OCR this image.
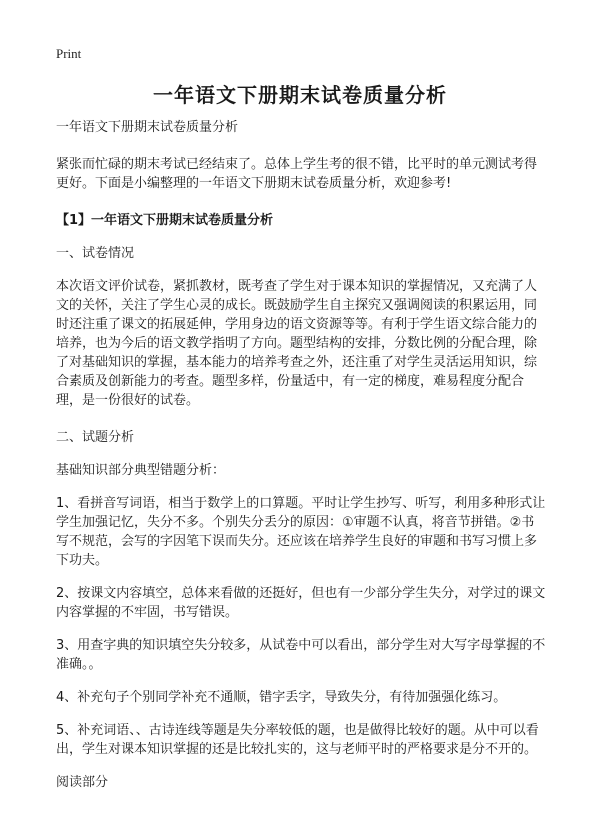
Print
一年语文下册期末试卷质量分析

一年语文下册期末试卷质量分析

紧张而忙碌的期末考试已经结束了。总体上学生考的很不错，比平时的单元测试考得更好。下面是小编整理的一年语文下册期末试卷质量分析，欢迎参考!

【1】一年语文下册期末试卷质量分析

一、试卷情况

本次语文评价试卷，紧抓教材，既考查了学生对于课本知识的掌握情况，又充满了人文的关怀，关注了学生心灵的成长。既鼓励学生自主探究又强调阅读的积累运用，同时还注重了课文的拓展延伸，学用身边的语文资源等等。有利于学生语文综合能力的培养，也为今后的语文教学指明了方向。题型结构的安排，分数比例的分配合理，除了对基础知识的掌握，基本能力的培养考查之外，还注重了对学生灵活运用知识，综合素质及创新能力的考查。题型多样，份量适中，有一定的梯度，难易程度分配合理，是一份很好的试卷。

二、试题分析

基础知识部分典型错题分析：

1、看拼音写词语，相当于数学上的口算题。平时让学生抄写、听写，利用多种形式让学生加强记忆，失分不多。个别失分丢分的原因：①审题不认真，将音节拼错。②书写不规范，会写的字因笔下误而失分。还应该在培养学生良好的审题和书写习惯上多下功夫。

2、按课文内容填空，总体来看做的还挺好，但也有一少部分学生失分，对学过的课文内容掌握的不牢固，书写错误。

3、用查字典的知识填空失分较多，从试卷中可以看出，部分学生对大写字母掌握的不准确。。

4、补充句子个别同学补充不通顺，错字丢字，导致失分，有待加强强化练习。

5、补充词语、、古诗连线等题是失分率较低的题，也是做得比较好的题。从中可以看出，学生对课本知识掌握的还是比较扎实的，这与老师平时的严格要求是分不开的。

阅读部分
